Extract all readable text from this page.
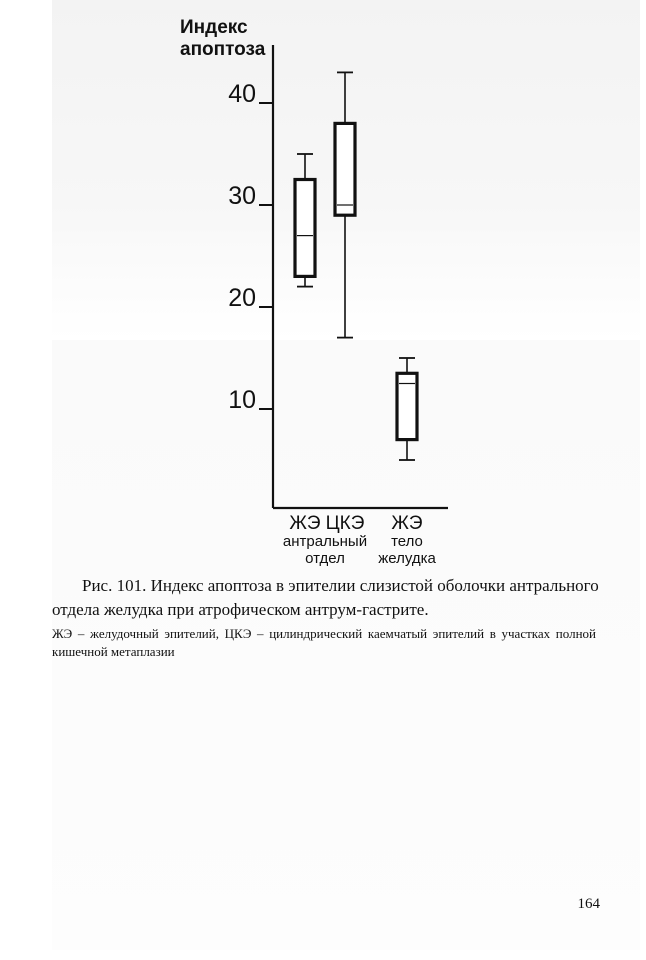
Индекс
апоптоза
10
20
30
40
ЖЭ ЦКЭ ЖЭ
антральный
отдел
тело
желудка

Рис. 101. Индекс апоптоза в эпителии слизистой оболочки антрального отдела желудка при атрофическом антрум-гастрите.

ЖЭ – желудочный эпителий, ЦКЭ – цилиндрический каемчатый эпителий в участках полной кишечной метаплазии

164
